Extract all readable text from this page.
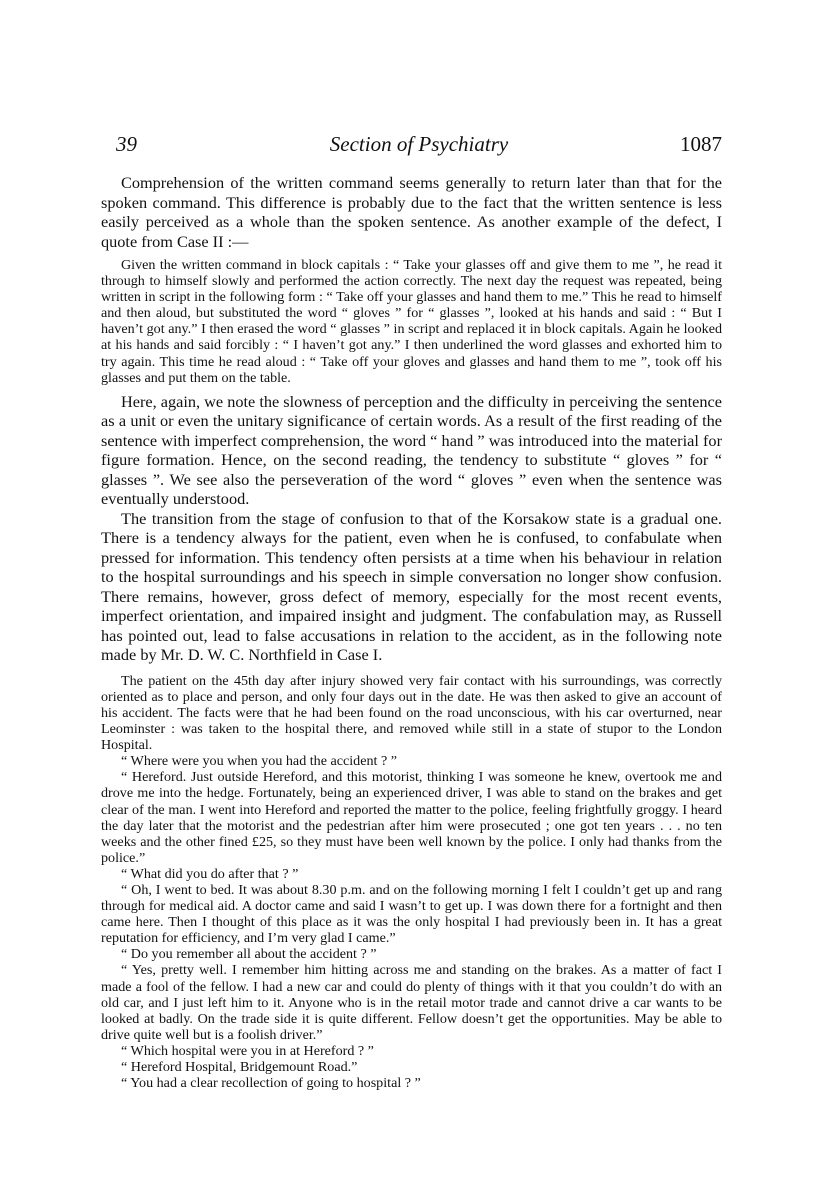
39	Section of Psychiatry	1087

Comprehension of the written command seems generally to return later than that for the spoken command. This difference is probably due to the fact that the written sentence is less easily perceived as a whole than the spoken sentence. As another example of the defect, I quote from Case II :—

Given the written command in block capitals : “ Take your glasses off and give them to me ”, he read it through to himself slowly and performed the action correctly. The next day the request was repeated, being written in script in the following form : “ Take off your glasses and hand them to me.” This he read to himself and then aloud, but substituted the word “ gloves ” for “ glasses ”, looked at his hands and said : “ But I haven’t got any.” I then erased the word “ glasses ” in script and replaced it in block capitals. Again he looked at his hands and said forcibly : “ I haven’t got any.” I then underlined the word glasses and exhorted him to try again. This time he read aloud : “ Take off your gloves and glasses and hand them to me ”, took off his glasses and put them on the table.

Here, again, we note the slowness of perception and the difficulty in perceiving the sentence as a unit or even the unitary significance of certain words. As a result of the first reading of the sentence with imperfect comprehension, the word “ hand ” was introduced into the material for figure formation. Hence, on the second reading, the tendency to substitute “ gloves ” for “ glasses ”. We see also the perseveration of the word “ gloves ” even when the sentence was eventually understood.

The transition from the stage of confusion to that of the Korsakow state is a gradual one. There is a tendency always for the patient, even when he is confused, to confabulate when pressed for information. This tendency often persists at a time when his behaviour in relation to the hospital surroundings and his speech in simple conversation no longer show confusion. There remains, however, gross defect of memory, especially for the most recent events, imperfect orientation, and impaired insight and judgment. The confabulation may, as Russell has pointed out, lead to false accusations in relation to the accident, as in the following note made by Mr. D. W. C. Northfield in Case I.

The patient on the 45th day after injury showed very fair contact with his surroundings, was correctly oriented as to place and person, and only four days out in the date. He was then asked to give an account of his accident. The facts were that he had been found on the road unconscious, with his car overturned, near Leominster : was taken to the hospital there, and removed while still in a state of stupor to the London Hospital.

“ Where were you when you had the accident ? ”

“ Hereford. Just outside Hereford, and this motorist, thinking I was someone he knew, overtook me and drove me into the hedge. Fortunately, being an experienced driver, I was able to stand on the brakes and get clear of the man. I went into Hereford and reported the matter to the police, feeling frightfully groggy. I heard the day later that the motorist and the pedestrian after him were prosecuted ; one got ten years . . . no ten weeks and the other fined £25, so they must have been well known by the police. I only had thanks from the police.”

“ What did you do after that ? ”

“ Oh, I went to bed. It was about 8.30 p.m. and on the following morning I felt I couldn’t get up and rang through for medical aid. A doctor came and said I wasn’t to get up. I was down there for a fortnight and then came here. Then I thought of this place as it was the only hospital I had previously been in. It has a great reputation for efficiency, and I’m very glad I came.”

“ Do you remember all about the accident ? ”

“ Yes, pretty well. I remember him hitting across me and standing on the brakes. As a matter of fact I made a fool of the fellow. I had a new car and could do plenty of things with it that you couldn’t do with an old car, and I just left him to it. Anyone who is in the retail motor trade and cannot drive a car wants to be looked at badly. On the trade side it is quite different. Fellow doesn’t get the opportunities. May be able to drive quite well but is a foolish driver.”

“ Which hospital were you in at Hereford ? ”

“ Hereford Hospital, Bridgemount Road.”

“ You had a clear recollection of going to hospital ? ”
